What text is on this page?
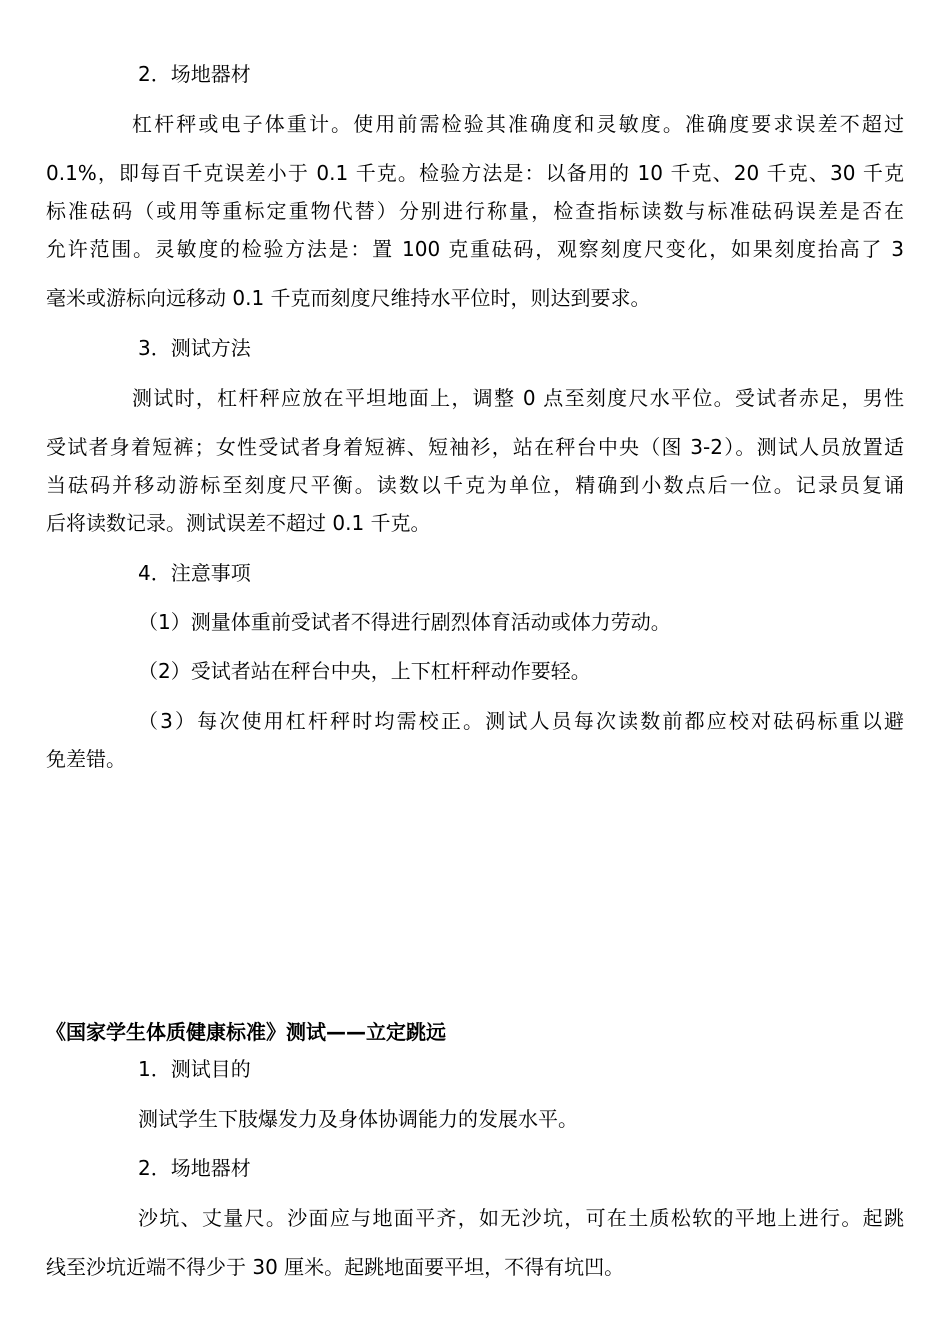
2．场地器材

杠杆秤或电子体重计。使用前需检验其准确度和灵敏度。准确度要求误差不超过

0.1%，即每百千克误差小于 0.1 千克。检验方法是：以备用的 10 千克、20 千克、30 千克

标准砝码（或用等重标定重物代替）分别进行称量，检查指标读数与标准砝码误差是否在

允许范围。灵敏度的检验方法是：置 100 克重砝码，观察刻度尺变化，如果刻度抬高了 3

毫米或游标向远移动 0.1 千克而刻度尺维持水平位时，则达到要求。

3．测试方法

测试时，杠杆秤应放在平坦地面上，调整 0 点至刻度尺水平位。受试者赤足，男性

受试者身着短裤；女性受试者身着短裤、短袖衫，站在秤台中央（图 3-2）。测试人员放置适

当砝码并移动游标至刻度尺平衡。读数以千克为单位，精确到小数点后一位。记录员复诵

后将读数记录。测试误差不超过 0.1 千克。

4．注意事项

（1）测量体重前受试者不得进行剧烈体育活动或体力劳动。

（2）受试者站在秤台中央，上下杠杆秤动作要轻。

（3）每次使用杠杆秤时均需校正。测试人员每次读数前都应校对砝码标重以避

免差错。

《国家学生体质健康标准》测试——立定跳远

1．测试目的

测试学生下肢爆发力及身体协调能力的发展水平。

2．场地器材

沙坑、丈量尺。沙面应与地面平齐，如无沙坑，可在土质松软的平地上进行。起跳

线至沙坑近端不得少于 30 厘米。起跳地面要平坦，不得有坑凹。
